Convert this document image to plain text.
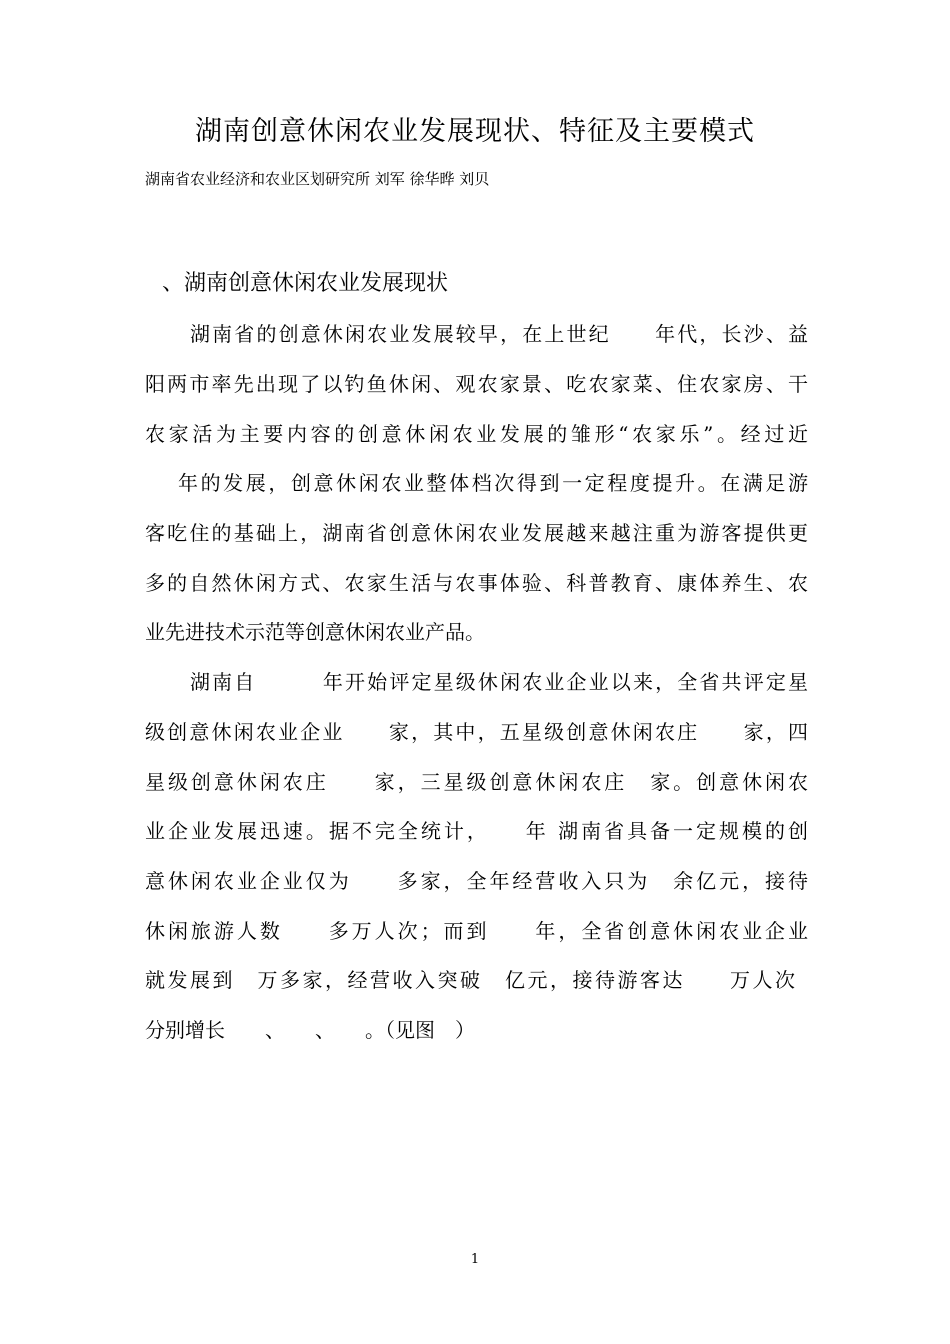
湖南创意休闲农业发展现状、特征及主要模式
湖南省农业经济和农业区划研究所 刘军 徐华晔 刘贝
、湖南创意休闲农业发展现状
湖南省的创意休闲农业发展较早，在上世纪　　年代，长沙、益
阳两市率先出现了以钓鱼休闲、观农家景、吃农家菜、住农家房、干
农家活为主要内容的创意休闲农业发展的雏形“农家乐”。经过近
年的发展，创意休闲农业整体档次得到一定程度提升。在满足游
客吃住的基础上，湖南省创意休闲农业发展越来越注重为游客提供更
多的自然休闲方式、农家生活与农事体验、科普教育、康体养生、农
业先进技术示范等创意休闲农业产品。
湖南自　　　年开始评定星级休闲农业企业以来，全省共评定星
级创意休闲农业企业　　家，其中，五星级创意休闲农庄　　家，四
星级创意休闲农庄　　家，三星级创意休闲农庄　家。创意休闲农
业企业发展迅速。据不完全统计，　　年 湖南省具备一定规模的创
意休闲农业企业仅为　　多家，全年经营收入只为　余亿元，接待
休闲旅游人数　　多万人次；而到　　年，全省创意休闲农业企业
就发展到　万多家，经营收入突破　亿元，接待游客达　　万人次
分别增长　　、　　、　　。（见图　）
1
